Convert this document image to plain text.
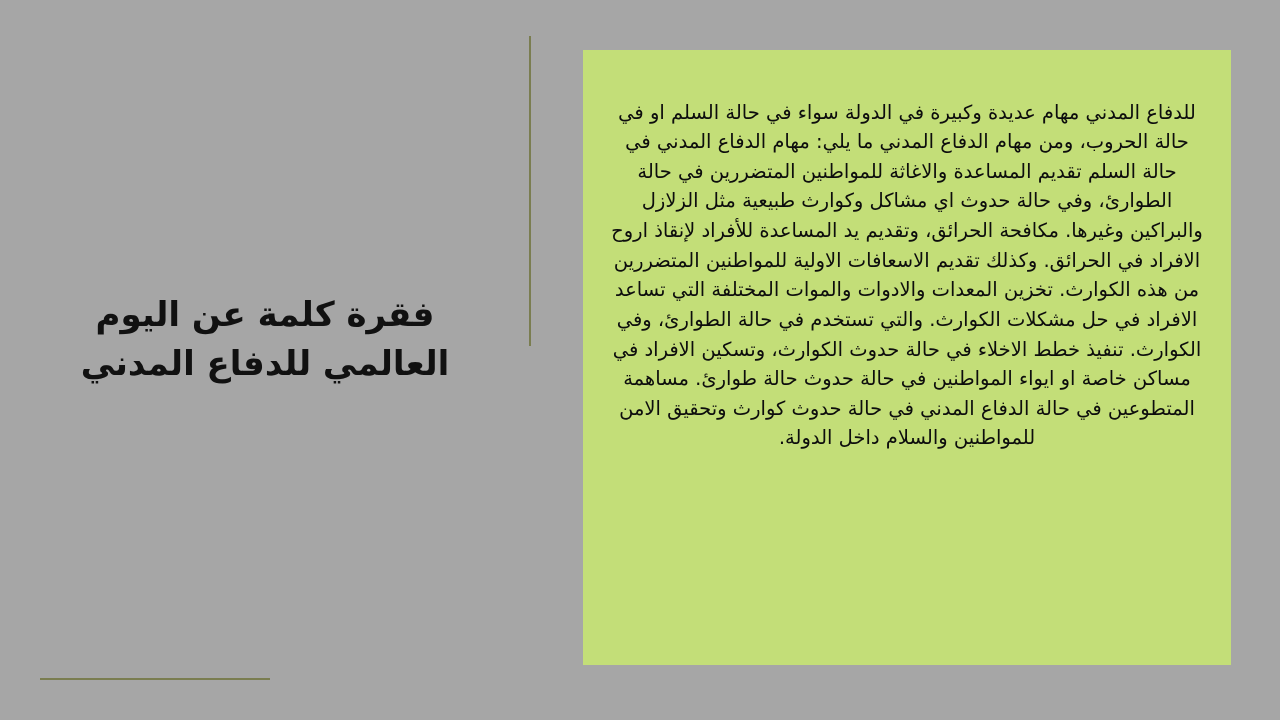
فقرة كلمة عن اليوم العالمي للدفاع المدني

للدفاع المدني مهام عديدة وكبيرة في الدولة سواء في حالة السلم او في حالة الحروب، ومن مهام الدفاع المدني ما يلي: مهام الدفاع المدني في حالة السلم تقديم المساعدة والاغاثة للمواطنين المتضررين في حالة الطوارئ، وفي حالة حدوث اي مشاكل وكوارث طبيعية مثل الزلازل والبراكين وغيرها. مكافحة الحرائق، وتقديم يد المساعدة للأفراد لإنقاذ اروح الافراد في الحرائق. وكذلك تقديم الاسعافات الاولية للمواطنين المتضررين من هذه الكوارث. تخزين المعدات والادوات والموات المختلفة التي تساعد الافراد في حل مشكلات الكوارث. والتي تستخدم في حالة الطوارئ، وفي الكوارث. تنفيذ خطط الاخلاء في حالة حدوث الكوارث، وتسكين الافراد في مساكن خاصة او ايواء المواطنين في حالة حدوث حالة طوارئ. مساهمة المتطوعين في حالة الدفاع المدني في حالة حدوث كوارث وتحقيق الامن للمواطنين والسلام داخل الدولة.
